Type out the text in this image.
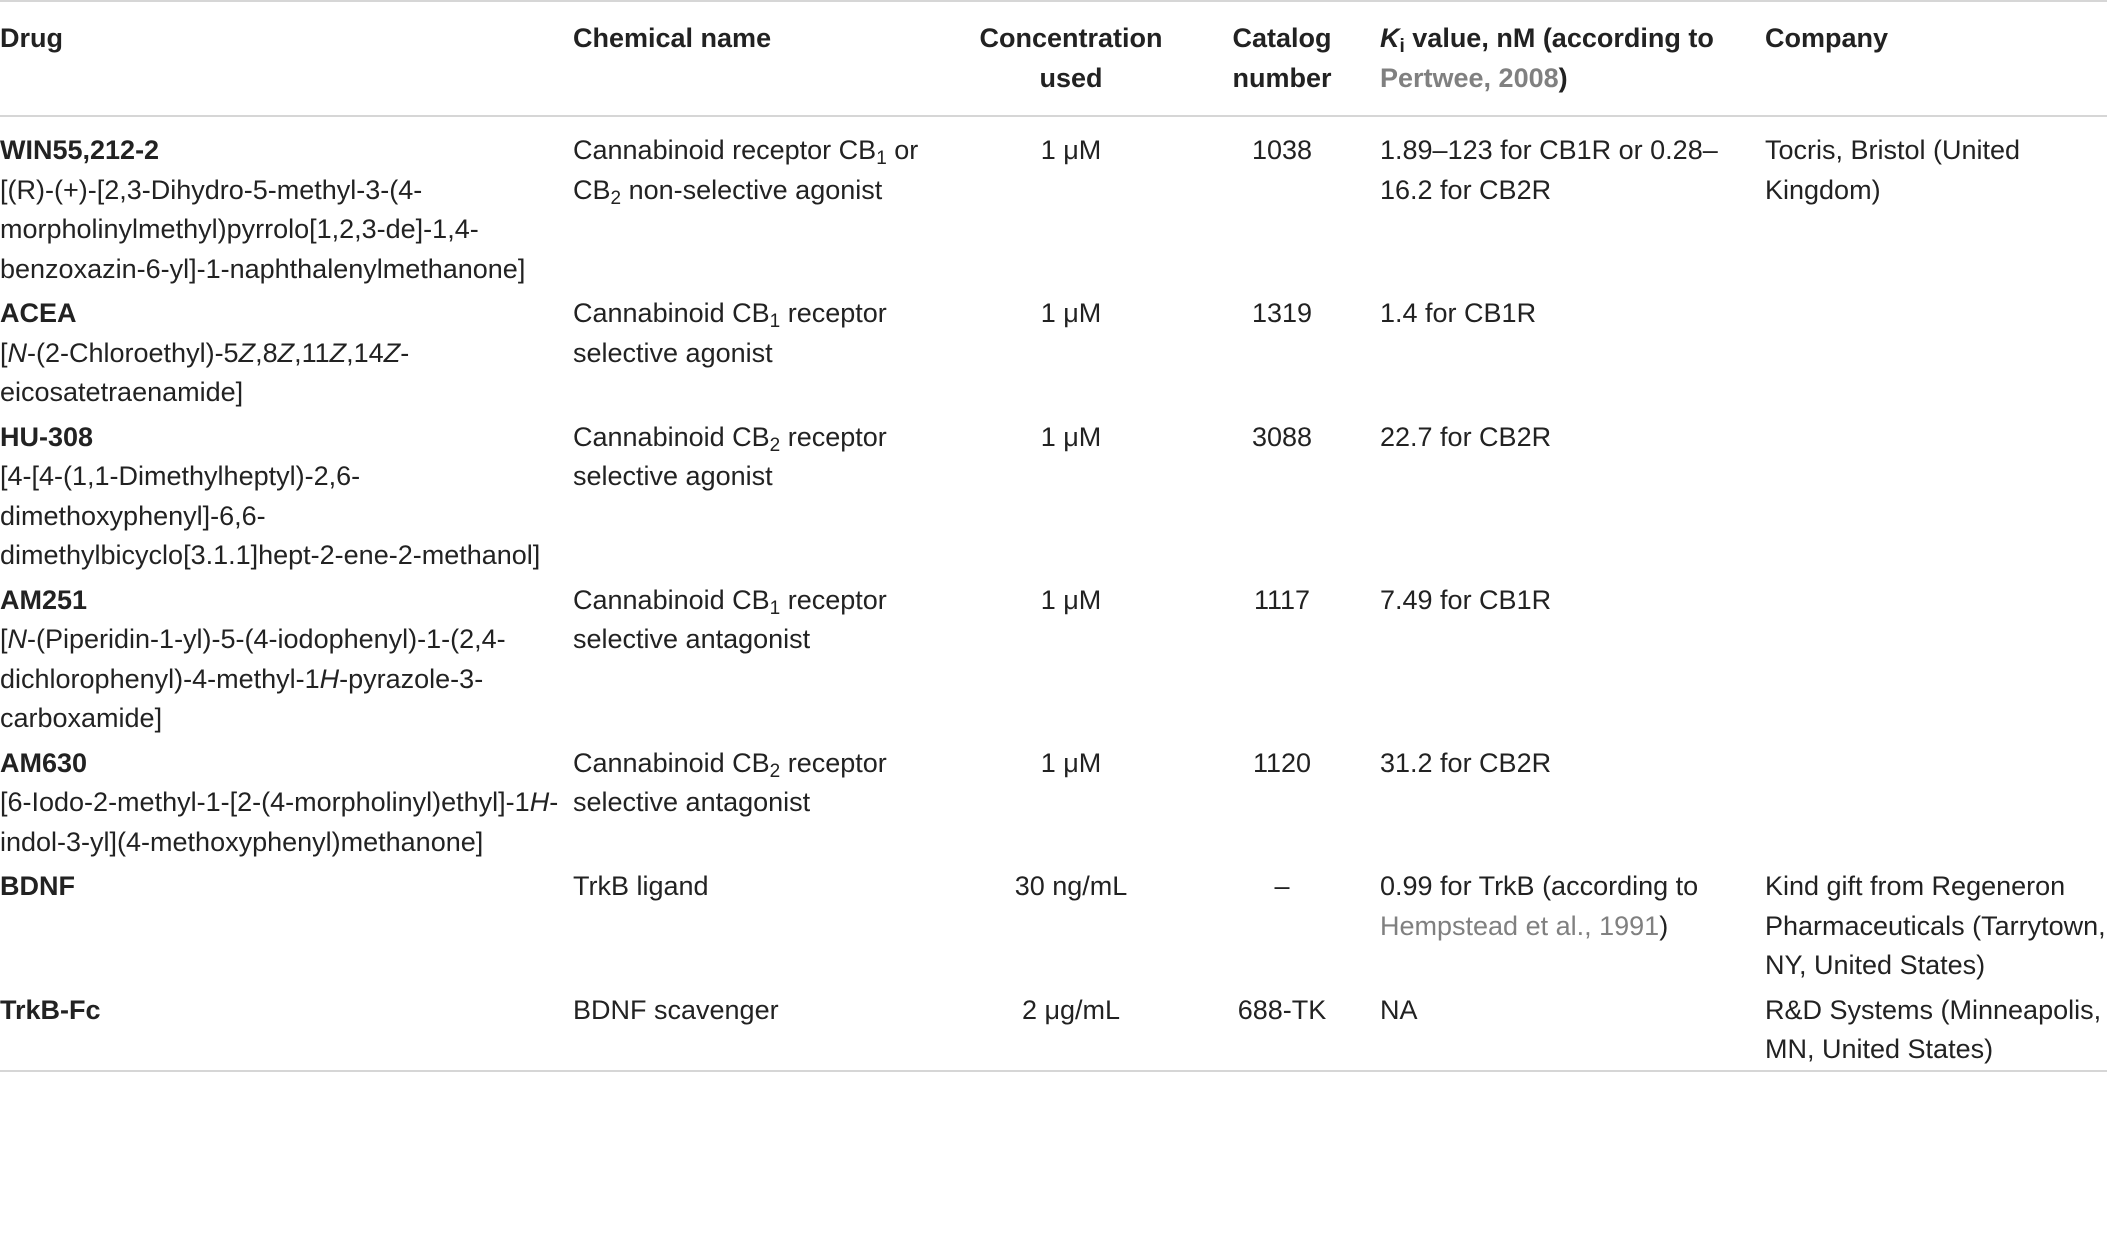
Drug	Chemical name	Concentration used	Catalog number	$K_i$ value, nM (according to Pertwee, 2008)	Company

WIN55,212-2
[(R)-(+)-[2,3-Dihydro-5-methyl-3-(4-morpholinylmethyl)pyrrolo[1,2,3-de]-1,4-benzoxazin-6-yl]-1-naphthalenylmethanone]	Cannabinoid receptor $CB_1$ or $CB_2$ non-selective agonist	1 μM	1038	1.89–123 for CB1R or 0.28–16.2 for CB2R	Tocris, Bristol (United Kingdom)

ACEA
[N-(2-Chloroethyl)-5Z,8Z,11Z,14Z-eicosatetraenamide]	Cannabinoid $CB_1$ receptor selective agonist	1 μM	1319	1.4 for CB1R	

HU-308
[4-[4-(1,1-Dimethylheptyl)-2,6-dimethoxyphenyl]-6,6-dimethylbicyclo[3.1.1]hept-2-ene-2-methanol]	Cannabinoid $CB_2$ receptor selective agonist	1 μM	3088	22.7 for CB2R	

AM251
[N-(Piperidin-1-yl)-5-(4-iodophenyl)-1-(2,4-dichlorophenyl)-4-methyl-1H-pyrazole-3-carboxamide]	Cannabinoid $CB_1$ receptor selective antagonist	1 μM	1117	7.49 for CB1R	

AM630
[6-Iodo-2-methyl-1-[2-(4-morpholinyl)ethyl]-1H-indol-3-yl](4-methoxyphenyl)methanone]	Cannabinoid $CB_2$ receptor selective antagonist	1 μM	1120	31.2 for CB2R	

BDNF	TrkB ligand	30 ng/mL	–	0.99 for TrkB (according to Hempstead et al., 1991)	Kind gift from Regeneron Pharmaceuticals (Tarrytown, NY, United States)

TrkB-Fc	BDNF scavenger	2 μg/mL	688-TK	NA	R&D Systems (Minneapolis, MN, United States)
